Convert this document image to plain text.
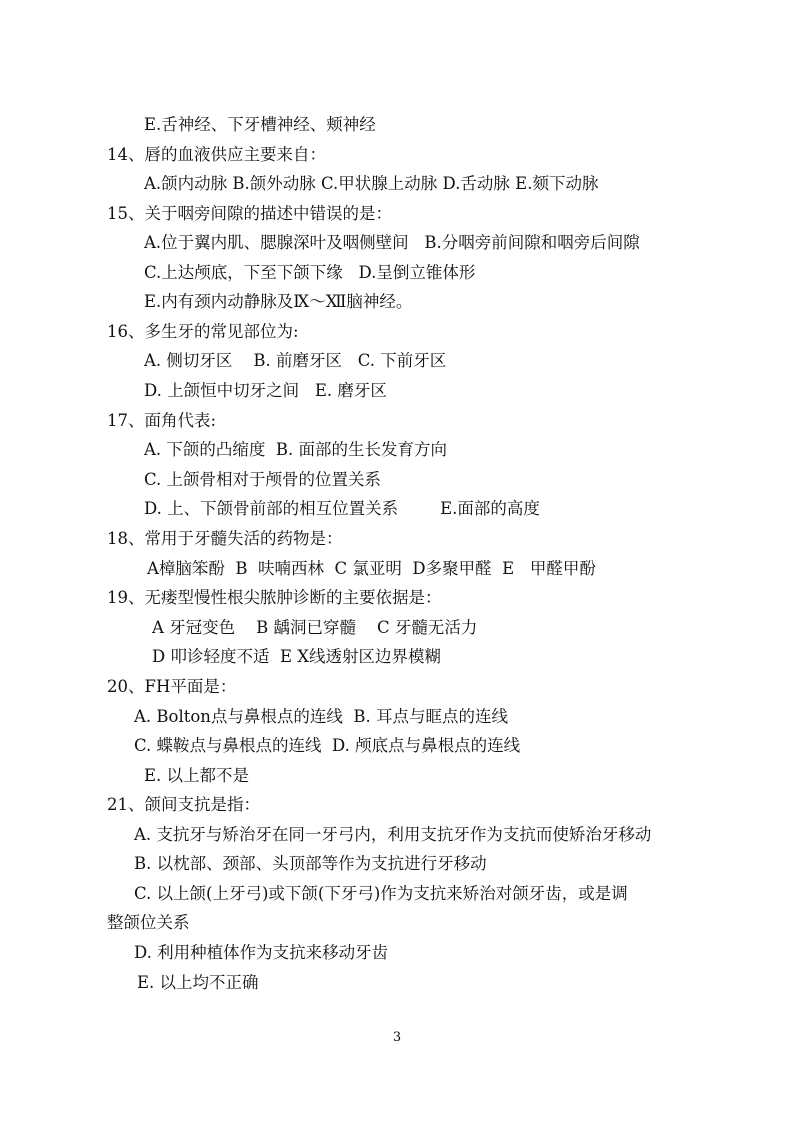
E.舌神经、下牙槽神经、颊神经
14、唇的血液供应主要来自：
A.颌内动脉 B.颌外动脉 C.甲状腺上动脉 D.舌动脉 E.颏下动脉
15、关于咽旁间隙的描述中错误的是：
A.位于翼内肌、腮腺深叶及咽侧壁间   B.分咽旁前间隙和咽旁后间隙
C.上达颅底，下至下颌下缘   D.呈倒立锥体形
E.内有颈内动静脉及Ⅸ～Ⅻ脑神经。
16、多生牙的常见部位为:
A. 侧切牙区    B. 前磨牙区   C. 下前牙区
D. 上颌恒中切牙之间   E. 磨牙区
17、面角代表:
A. 下颌的凸缩度  B. 面部的生长发育方向
C. 上颌骨相对于颅骨的位置关系
D. 上、下颌骨前部的相互位置关系        E.面部的高度
18、常用于牙髓失活的药物是：
A樟脑笨酚  B  呋喃西林  C 氯亚明  D多聚甲醛  E   甲醛甲酚
19、无瘘型慢性根尖脓肿诊断的主要依据是：
A 牙冠变色    B 龋洞已穿髓    C 牙髓无活力
D 叩诊轻度不适  E X线透射区边界模糊
20、FH平面是：
A. Bolton点与鼻根点的连线  B. 耳点与眶点的连线
C. 蝶鞍点与鼻根点的连线  D. 颅底点与鼻根点的连线
E. 以上都不是
21、颌间支抗是指：
A. 支抗牙与矫治牙在同一牙弓内，利用支抗牙作为支抗而使矫治牙移动
B. 以枕部、颈部、头顶部等作为支抗进行牙移动
C. 以上颌(上牙弓)或下颌(下牙弓)作为支抗来矫治对颌牙齿，或是调
整颌位关系
D. 利用种植体作为支抗来移动牙齿
E. 以上均不正确
3
